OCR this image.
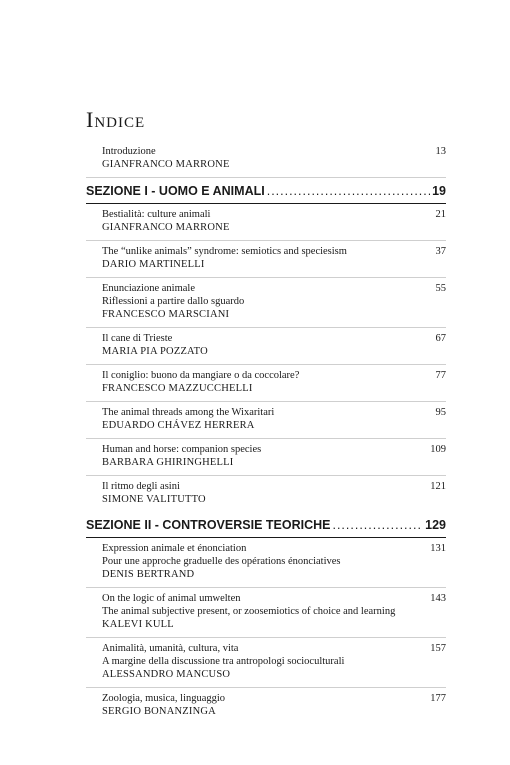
Indice
Introduzione
GIANFRANCO MARRONE
13
SEZIONE I - UOMO E ANIMALI .....	19
Bestialità: culture animali
GIANFRANCO MARRONE
21
The “unlike animals” syndrome: semiotics and speciesism
DARIO MARTINELLI
37
Enunciazione animale
Riflessioni a partire dallo sguardo
FRANCESCO MARSCIANI
55
Il cane di Trieste
MARIA PIA POZZATO
67
Il coniglio: buono da mangiare o da coccolare?
FRANCESCO MAZZUCCHELLI
77
The animal threads among the Wixaritari
EDUARDO CHÁVEZ HERRERA
95
Human and horse: companion species
BARBARA GHIRINGHELLI
109
Il ritmo degli asini
SIMONE VALITUTTO
121
SEZIONE II - CONTROVERSIE TEORICHE .....	129
Expression animale et énonciation
Pour une approche graduelle des opérations énonciatives
DENIS BERTRAND
131
On the logic of animal umwelten
The animal subjective present, or zoosemiotics of choice and learning
KALEVI KULL
143
Animalità, umanità, cultura, vita
A margine della discussione tra antropologi socioculturali
ALESSANDRO MANCUSO
157
Zoologia, musica, linguaggio
SERGIO BONANZINGA
177
